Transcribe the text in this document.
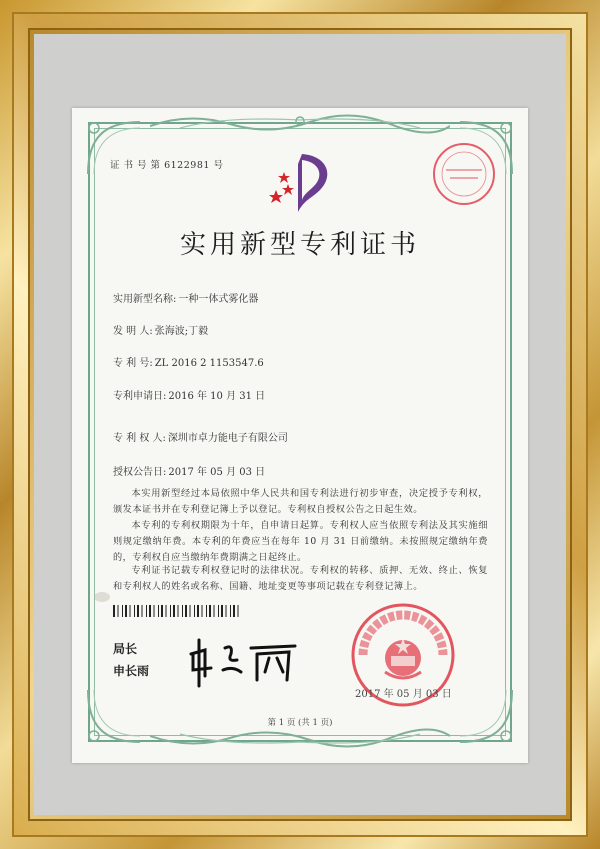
证 书 号 第 6122981 号
实用新型专利证书
实用新型名称: 一种一体式雾化器
发 明 人: 张海波;丁毅
专 利 号: ZL 2016 2 1153547.6
专利申请日: 2016 年 10 月 31 日
专 利 权 人: 深圳市卓力能电子有限公司
授权公告日: 2017 年 05 月 03 日
本实用新型经过本局依照中华人民共和国专利法进行初步审查，决定授予专利权，颁发本证书并在专利登记簿上予以登记。专利权自授权公告之日起生效。
本专利的专利权期限为十年，自申请日起算。专利权人应当依照专利法及其实施细则规定缴纳年费。本专利的年费应当在每年 10 月 31 日前缴纳。未按照规定缴纳年费的，专利权自应当缴纳年费期满之日起终止。
专利证书记载专利权登记时的法律状况。专利权的转移、质押、无效、终止、恢复和专利权人的姓名或名称、国籍、地址变更等事项记载在专利登记簿上。
局长
申长雨
2017 年 05 月 03 日
第 1 页 (共 1 页)
